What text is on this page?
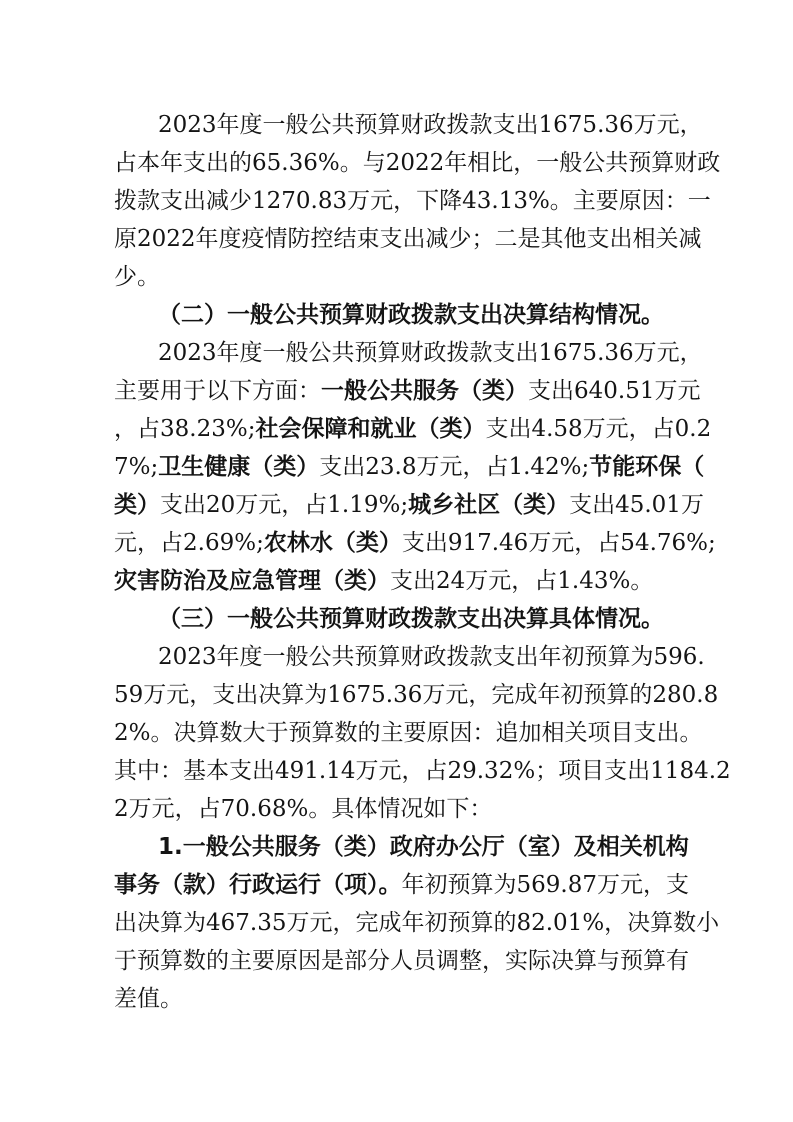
2023年度一般公共预算财政拨款支出1675.36万元，
占本年支出的65.36%。与2022年相比，一般公共预算财政
拨款支出减少1270.83万元，下降43.13%。主要原因：一
原2022年度疫情防控结束支出减少；二是其他支出相关减
少。
（二）一般公共预算财政拨款支出决算结构情况。
2023年度一般公共预算财政拨款支出1675.36万元，
主要用于以下方面：一般公共服务（类）支出640.51万元
，占38.23%;社会保障和就业（类）支出4.58万元，占0.2
7%;卫生健康（类）支出23.8万元，占1.42%;节能环保（
类）支出20万元，占1.19%;城乡社区（类）支出45.01万
元，占2.69%;农林水（类）支出917.46万元，占54.76%;
灾害防治及应急管理（类）支出24万元，占1.43%。
（三）一般公共预算财政拨款支出决算具体情况。
2023年度一般公共预算财政拨款支出年初预算为596.
59万元，支出决算为1675.36万元，完成年初预算的280.8
2%。决算数大于预算数的主要原因：追加相关项目支出。
其中：基本支出491.14万元，占29.32%；项目支出1184.2
2万元，占70.68%。具体情况如下：
1.一般公共服务（类）政府办公厅（室）及相关机构
事务（款）行政运行（项）。年初预算为569.87万元，支
出决算为467.35万元，完成年初预算的82.01%，决算数小
于预算数的主要原因是部分人员调整，实际决算与预算有
差值。
